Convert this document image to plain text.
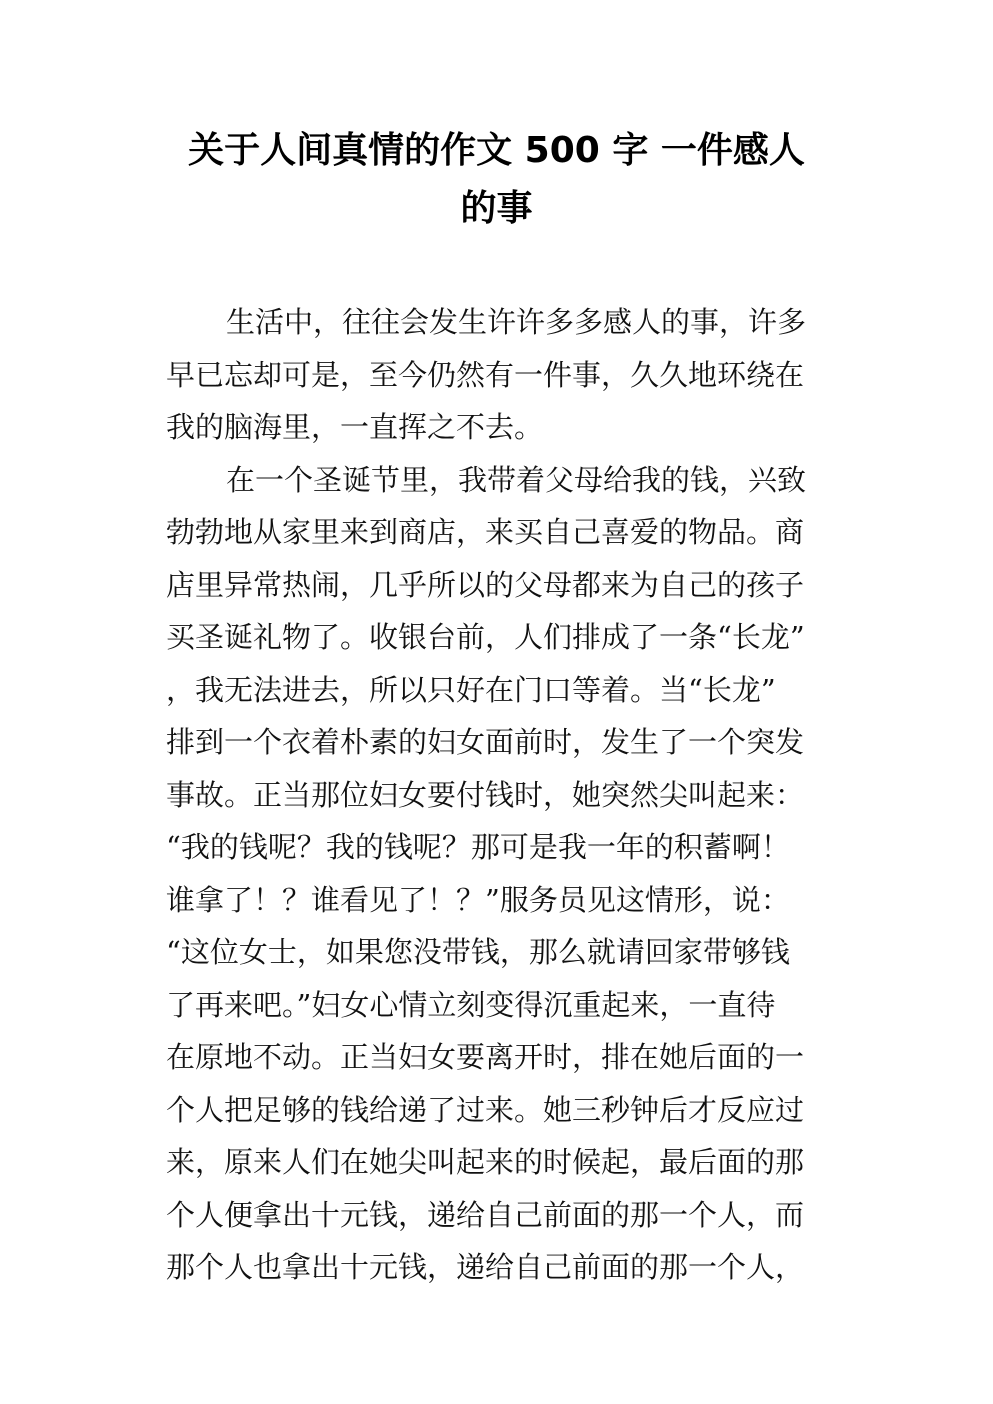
关于人间真情的作文 500 字 一件感人
的事
生活中，往往会发生许许多多感人的事，许多
早已忘却可是，至今仍然有一件事，久久地环绕在
我的脑海里，一直挥之不去。
在一个圣诞节里，我带着父母给我的钱，兴致
勃勃地从家里来到商店，来买自己喜爱的物品。商
店里异常热闹，几乎所以的父母都来为自己的孩子
买圣诞礼物了。收银台前，人们排成了一条“长龙”
，我无法进去，所以只好在门口等着。当“长龙”
排到一个衣着朴素的妇女面前时，发生了一个突发
事故。正当那位妇女要付钱时，她突然尖叫起来：
“我的钱呢？我的钱呢？那可是我一年的积蓄啊！
谁拿了！？谁看见了！？”服务员见这情形，说：
“这位女士，如果您没带钱，那么就请回家带够钱
了再来吧。”妇女心情立刻变得沉重起来，一直待
在原地不动。正当妇女要离开时，排在她后面的一
个人把足够的钱给递了过来。她三秒钟后才反应过
来，原来人们在她尖叫起来的时候起，最后面的那
个人便拿出十元钱，递给自己前面的那一个人，而
那个人也拿出十元钱，递给自己前面的那一个人，
